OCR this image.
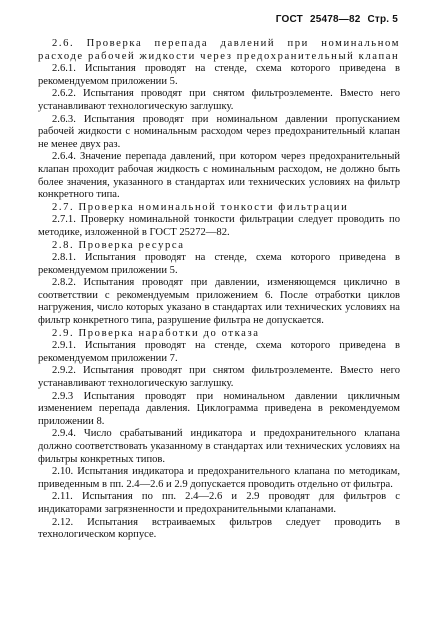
ГОСТ 25478—82 Стр. 5

2.6. Проверка перепада давлений при номинальном расходе рабочей жидкости через предохранительный клапан

2.6.1. Испытания проводят на стенде, схема которого приведена в рекомендуемом приложении 5.

2.6.2. Испытания проводят при снятом фильтроэлементе. Вместо него устанавливают технологическую заглушку.

2.6.3. Испытания проводят при номинальном давлении пропусканием рабочей жидкости с номинальным расходом через предохранительный клапан не менее двух раз.

2.6.4. Значение перепада давлений, при котором через предохранительный клапан проходит рабочая жидкость с номинальным расходом, не должно быть более значения, указанного в стандартах или технических условиях на фильтр конкретного типа.

2.7. Проверка номинальной тонкости фильтрации

2.7.1. Проверку номинальной тонкости фильтрации следует проводить по методике, изложенной в ГОСТ 25272—82.

2.8. Проверка ресурса

2.8.1. Испытания проводят на стенде, схема которого приведена в рекомендуемом приложении 5.

2.8.2. Испытания проводят при давлении, изменяющемся циклично в соответствии с рекомендуемым приложением 6. После отработки циклов нагружения, число которых указано в стандартах или технических условиях на фильтр конкретного типа, разрушение фильтра не допускается.

2.9. Проверка наработки до отказа

2.9.1. Испытания проводят на стенде, схема которого приведена в рекомендуемом приложении 7.

2.9.2. Испытания проводят при снятом фильтроэлементе. Вместо него устанавливают технологическую заглушку.

2.9.3 Испытания проводят при номинальном давлении цикличным изменением перепада давления. Циклограмма приведена в рекомендуемом приложении 8.

2.9.4. Число срабатываний индикатора и предохранительного клапана должно соответствовать указанному в стандартах или технических условиях на фильтры конкретных типов.

2.10. Испытания индикатора и предохранительного клапана по методикам, приведенным в пп. 2.4—2.6 и 2.9 допускается проводить отдельно от фильтра.

2.11. Испытания по пп. 2.4—2.6 и 2.9 проводят для фильтров с индикаторами загрязненности и предохранительными клапанами.

2.12. Испытания встраиваемых фильтров следует проводить в технологическом корпусе.
